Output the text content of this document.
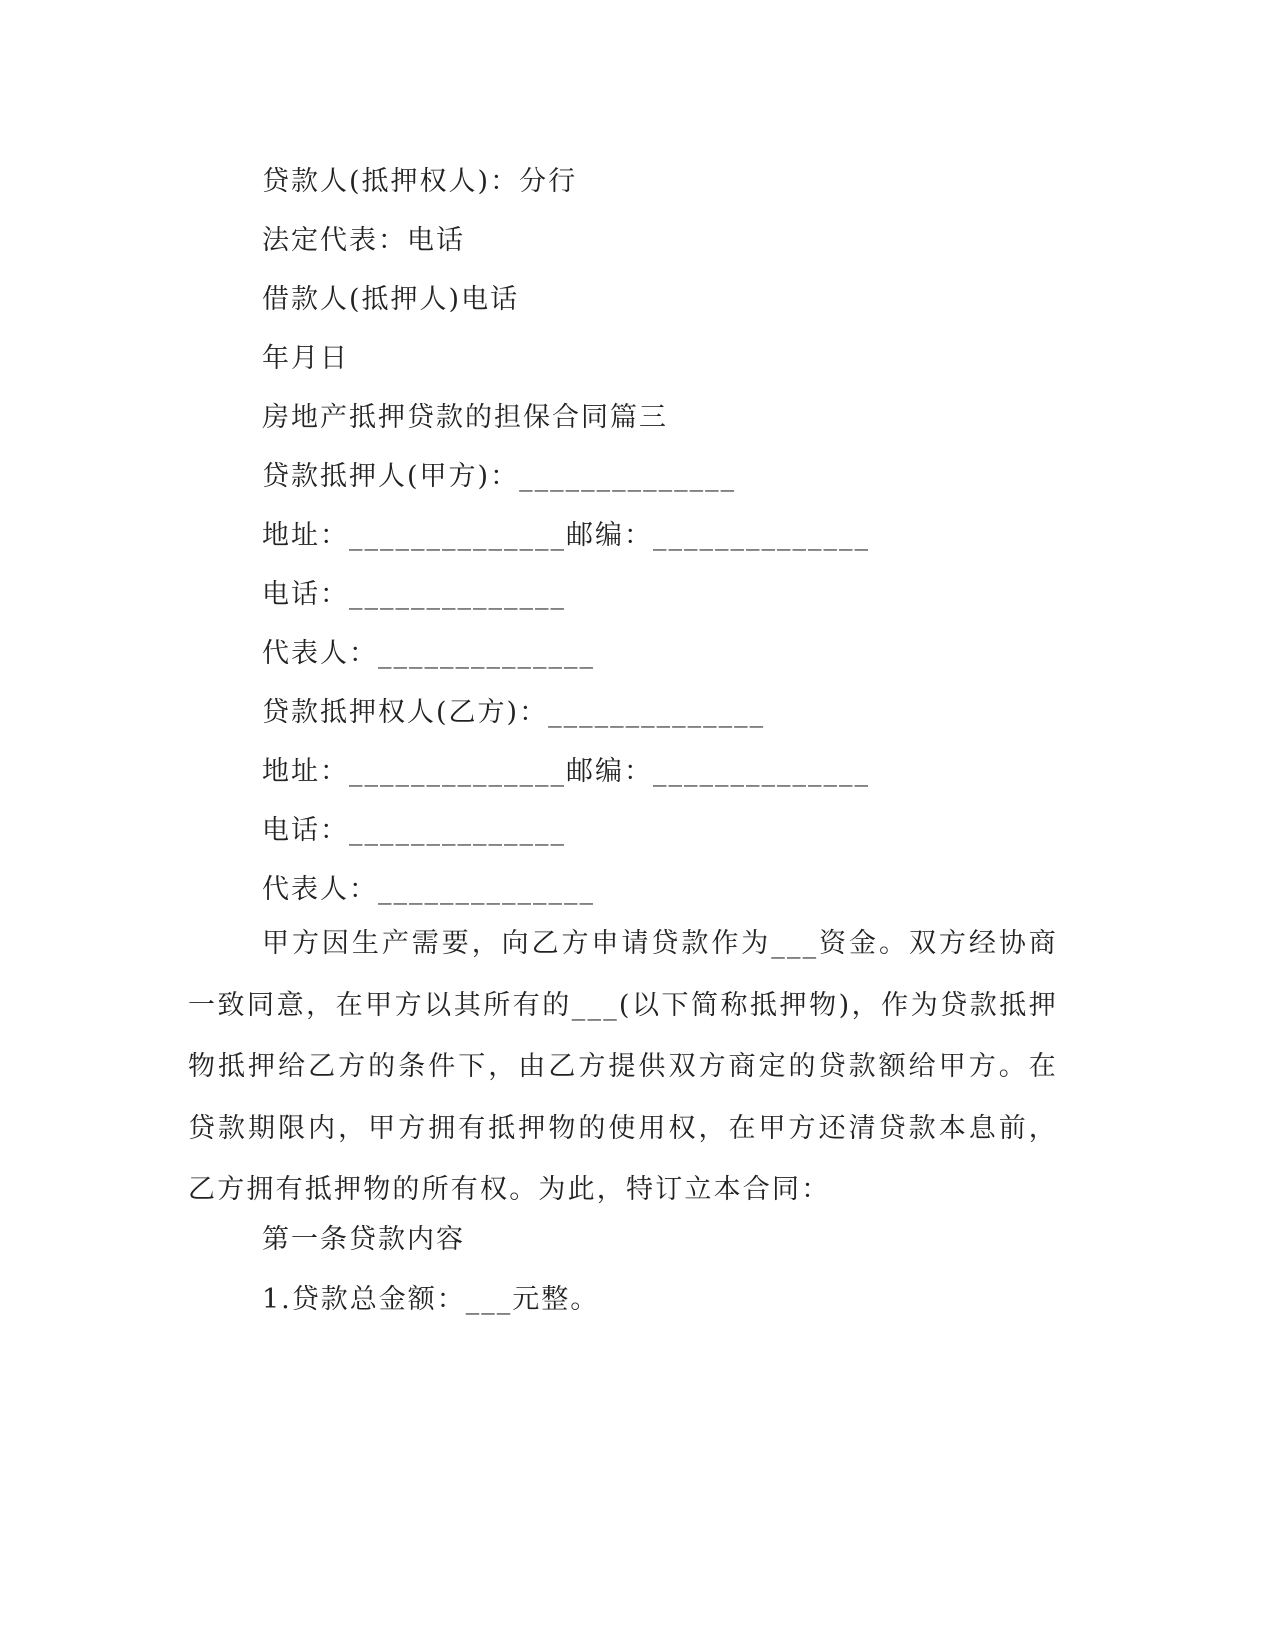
贷款人(抵押权人)：分行
法定代表：电话
借款人(抵押人)电话
年月日
房地产抵押贷款的担保合同篇三
贷款抵押人(甲方)：______________
地址：______________邮编：______________
电话：______________
代表人：______________
贷款抵押权人(乙方)：______________
地址：______________邮编：______________
电话：______________
代表人：______________
甲方因生产需要，向乙方申请贷款作为___资金。双方经协商一致同意，在甲方以其所有的___(以下简称抵押物)，作为贷款抵押物抵押给乙方的条件下，由乙方提供双方商定的贷款额给甲方。在贷款期限内，甲方拥有抵押物的使用权，在甲方还清贷款本息前，乙方拥有抵押物的所有权。为此，特订立本合同：
第一条贷款内容
1.贷款总金额：___元整。
